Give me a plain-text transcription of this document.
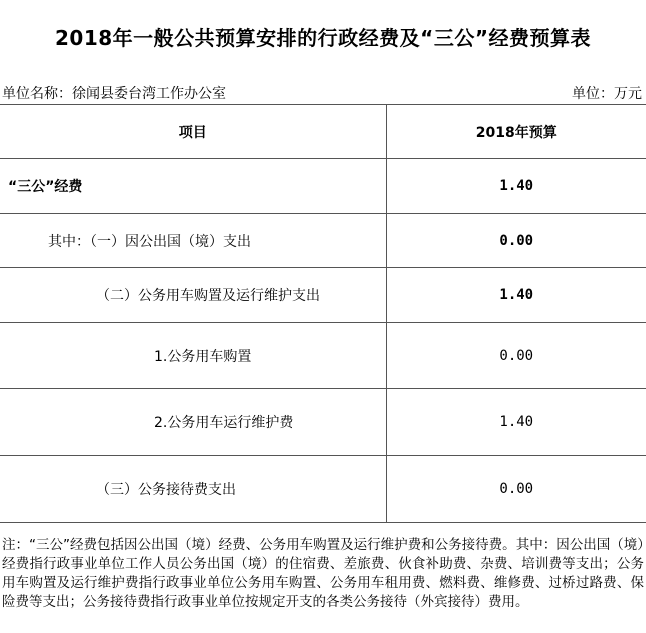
2018年一般公共预算安排的行政经费及“三公”经费预算表
单位名称：徐闻县委台湾工作办公室	单位：万元
项目	2018年预算
“三公”经费	1.40
其中：（一）因公出国（境）支出	0.00
（二）公务用车购置及运行维护支出	1.40
1.公务用车购置	0.00
2.公务用车运行维护费	1.40
（三）公务接待费支出	0.00
注：“三公”经费包括因公出国（境）经费、公务用车购置及运行维护费和公务接待费。其中：因公出国（境）经费指行政事业单位工作人员公务出国（境）的住宿费、差旅费、伙食补助费、杂费、培训费等支出；公务用车购置及运行维护费指行政事业单位公务用车购置、公务用车租用费、燃料费、维修费、过桥过路费、保险费等支出；公务接待费指行政事业单位按规定开支的各类公务接待（外宾接待）费用。
